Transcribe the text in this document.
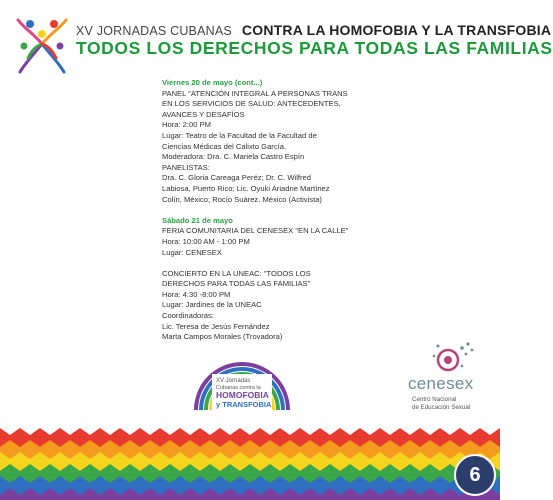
XV JORNADAS CUBANAS CONTRA LA HOMOFOBIA Y LA TRANSFOBIA
TODOS LOS DERECHOS PARA TODAS LAS FAMILIAS
Viernes 20 de mayo (cont...)
PANEL "ATENCIÓN INTEGRAL A PERSONAS TRANS
EN LOS SERVICIOS DE SALUD: ANTECEDENTES,
AVANCES Y DESAFÍOS
Hora: 2:00 PM
Lugar: Teatro de la Facultad de la Facultad de
Ciencias Médicas del Calixto García.
Moderadora: Dra. C. Mariela Castro Espín
PANELISTAS:
Dra. C. Gloria Careaga Peréz; Dr. C. Wilfred
Labiosa, Puerto Rico; Lic. Oyuki Ariadne Martínez
Colín, México; Rocío Suárez. México (Activista)
Sábado 21 de mayo
FERIA COMUNITARIA DEL CENESEX "EN LA CALLE"
Hora: 10:00 AM - 1:00 PM
Lugar: CENESEX
CONCIERTO EN LA UNEAC: "TODOS LOS
DERECHOS PARA TODAS LAS FAMILIAS"
Hora: 4:30 -8:00 PM
Lugar: Jardines de la UNEAC
Coordinadoras:
Lic. Teresa de Jesús Fernández
Marta Campos Morales (Trovadora)
XV Jornadas
Cubanas contra la
HOMOFOBIA
y TRANSFOBIA
cenesex
Centro Nacional
de Educación Sexual
6
